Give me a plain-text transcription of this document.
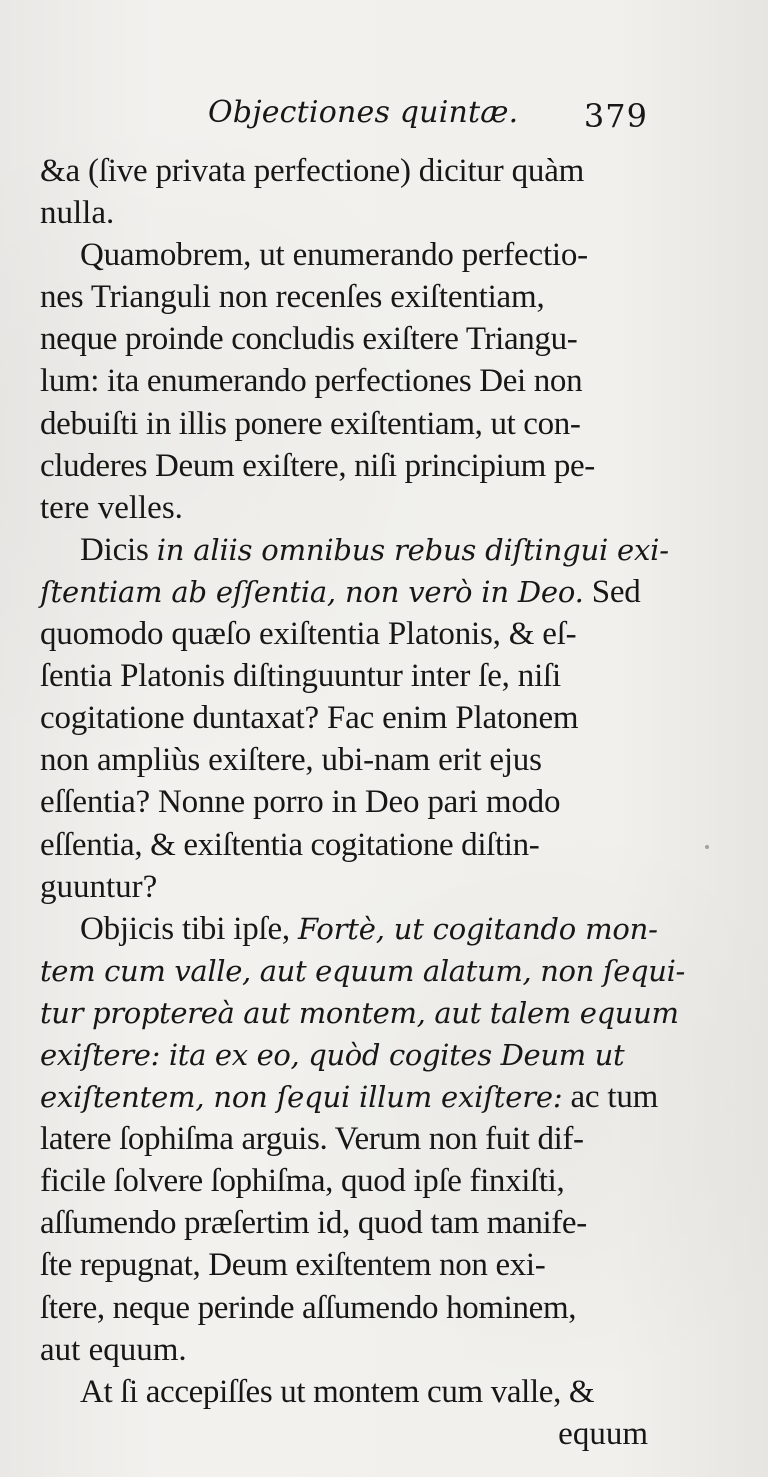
Objectiones quintæ. 379
&a (ſive privata perfectione) dicitur quàm
nulla.
Quamobrem, ut enumerando perfectio-
nes Trianguli non recenſes exiſtentiam,
neque proinde concludis exiſtere Triangu-
lum: ita enumerando perfectiones Dei non
debuiſti in illis ponere exiſtentiam, ut con-
cluderes Deum exiſtere, niſi principium pe-
tere velles.
Dicis in aliis omnibus rebus diſtingui exi-
ſtentiam ab eſſentia, non verò in Deo. Sed
quomodo quæſo exiſtentia Platonis, & eſ-
ſentia Platonis diſtinguuntur inter ſe, niſi
cogitatione duntaxat? Fac enim Platonem
non ampliùs exiſtere, ubi-nam erit ejus
eſſentia? Nonne porro in Deo pari modo
eſſentia, & exiſtentia cogitatione diſtin-
guuntur?
Objicis tibi ipſe, Fortè, ut cogitando mon-
tem cum valle, aut equum alatum, non ſequi-
tur proptereà aut montem, aut talem equum
exiſtere: ita ex eo, quòd cogites Deum ut
exiſtentem, non ſequi illum exiſtere: ac tum
latere ſophiſma arguis. Verum non fuit dif-
ficile ſolvere ſophiſma, quod ipſe finxiſti,
aſſumendo præſertim id, quod tam manife-
ſte repugnat, Deum exiſtentem non exi-
ſtere, neque perinde aſſumendo hominem,
aut equum.
At ſi accepiſſes ut montem cum valle, &
equum
